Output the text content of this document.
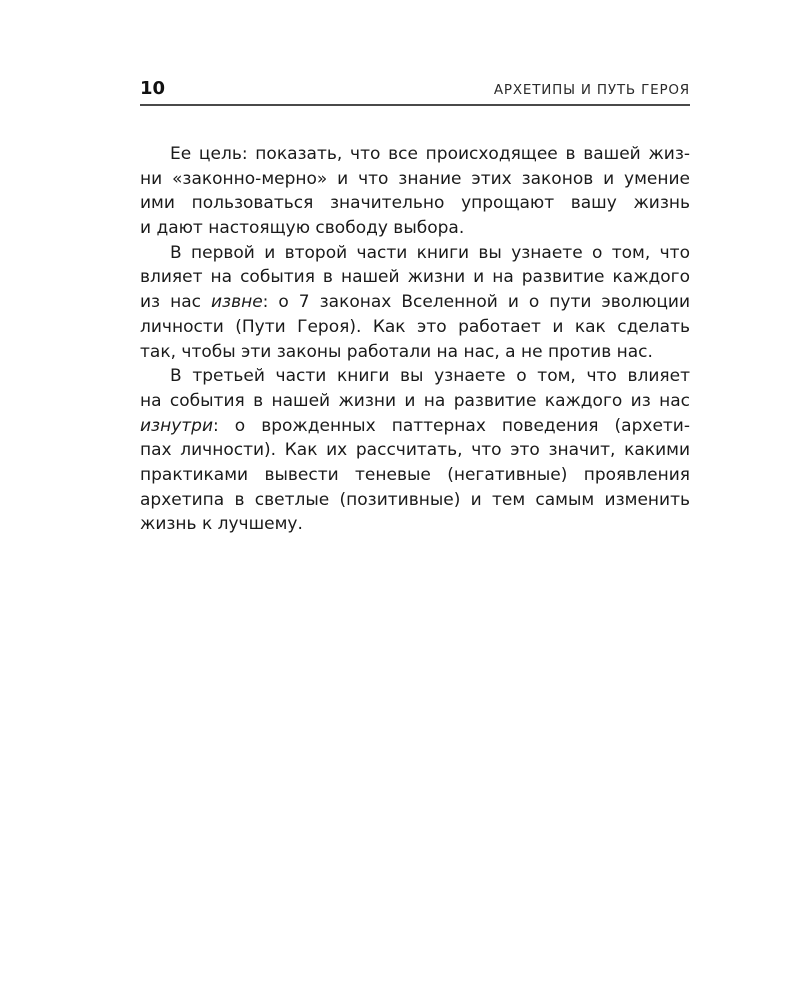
10	АРХЕТИПЫ И ПУТЬ ГЕРОЯ
Ее цель: показать, что все происходящее в вашей жиз-
ни «законно-мерно» и что знание этих законов и умение
ими пользоваться значительно упрощают вашу жизнь
и дают настоящую свободу выбора.
В первой и второй части книги вы узнаете о том, что
влияет на события в нашей жизни и на развитие каждого
из нас извне: о 7 законах Вселенной и о пути эволюции
личности (Пути Героя). Как это работает и как сделать
так, чтобы эти законы работали на нас, а не против нас.
В третьей части книги вы узнаете о том, что влияет
на события в нашей жизни и на развитие каждого из нас
изнутри: о врожденных паттернах поведения (архети-
пах личности). Как их рассчитать, что это значит, какими
практиками вывести теневые (негативные) проявления
архетипа в светлые (позитивные) и тем самым изменить
жизнь к лучшему.
